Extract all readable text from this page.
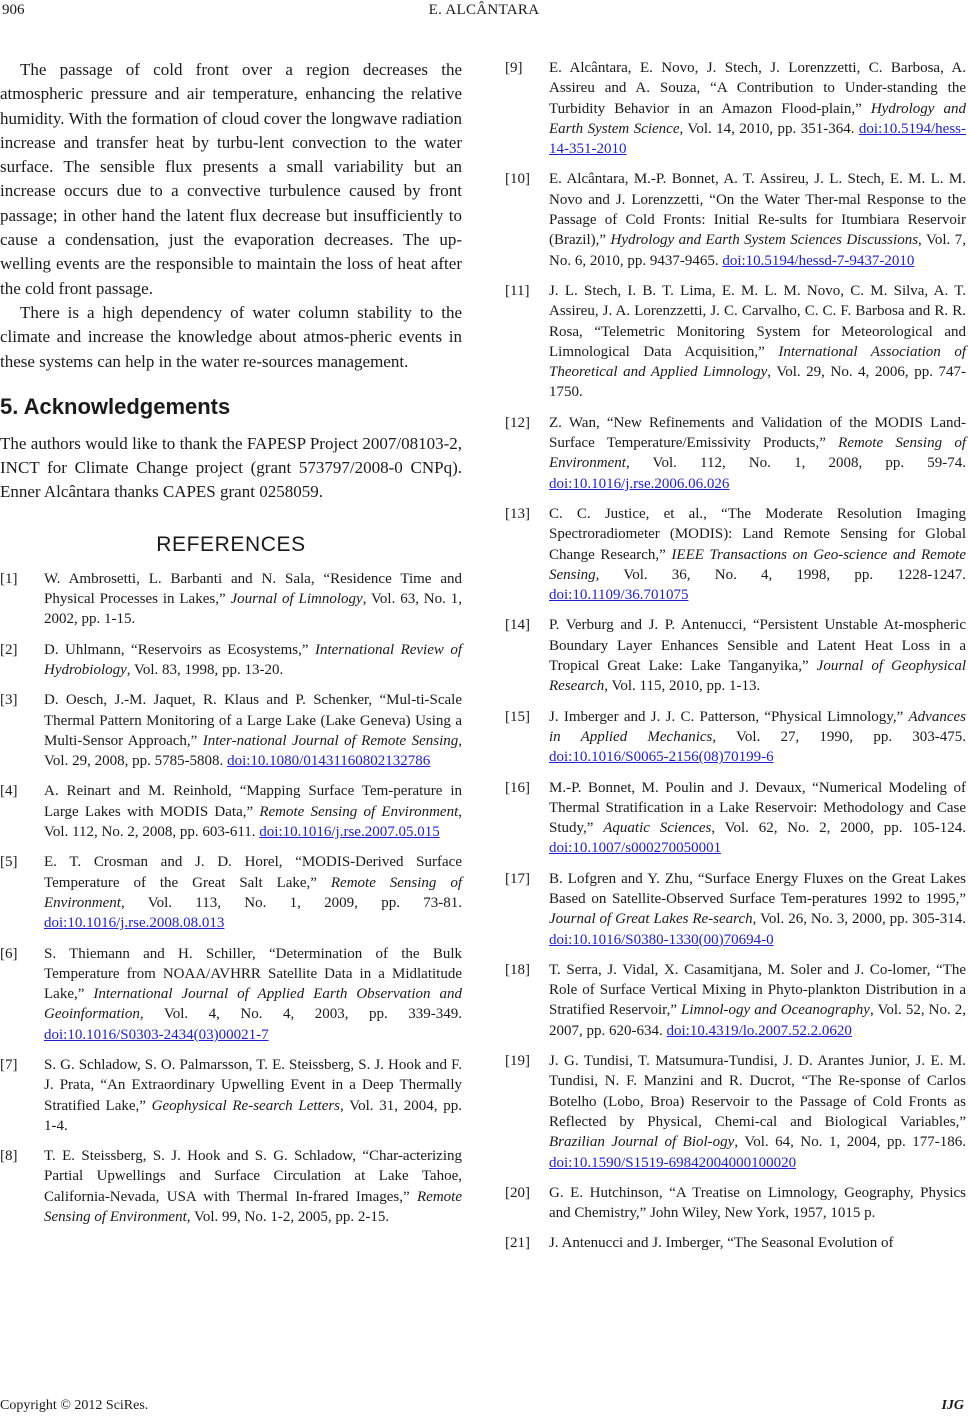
906	E. ALCÂNTARA

The passage of cold front over a region decreases the atmospheric pressure and air temperature, enhancing the relative humidity. With the formation of cloud cover the longwave radiation increase and transfer heat by turbu-lent convection to the water surface. The sensible flux presents a small variability but an increase occurs due to a convective turbulence caused by front passage; in other hand the latent flux decrease but insufficiently to cause a condensation, just the evaporation decreases. The up-welling events are the responsible to maintain the loss of heat after the cold front passage.

There is a high dependency of water column stability to the climate and increase the knowledge about atmos-pheric events in these systems can help in the water re-sources management.

5. Acknowledgements

The authors would like to thank the FAPESP Project 2007/08103-2, INCT for Climate Change project (grant 573797/2008-0 CNPq). Enner Alcântara thanks CAPES grant 0258059.

REFERENCES
[1] W. Ambrosetti, L. Barbanti and N. Sala, “Residence Time and Physical Processes in Lakes,” Journal of Limnology, Vol. 63, No. 1, 2002, pp. 1-15.
[2] D. Uhlmann, “Reservoirs as Ecosystems,” International Review of Hydrobiology, Vol. 83, 1998, pp. 13-20.
[3] D. Oesch, J.-M. Jaquet, R. Klaus and P. Schenker, “Mul-ti-Scale Thermal Pattern Monitoring of a Large Lake (Lake Geneva) Using a Multi-Sensor Approach,” Inter-national Journal of Remote Sensing, Vol. 29, 2008, pp. 5785-5808. doi:10.1080/01431160802132786
[4] A. Reinart and M. Reinhold, “Mapping Surface Tem-perature in Large Lakes with MODIS Data,” Remote Sensing of Environment, Vol. 112, No. 2, 2008, pp. 603-611. doi:10.1016/j.rse.2007.05.015
[5] E. T. Crosman and J. D. Horel, “MODIS-Derived Surface Temperature of the Great Salt Lake,” Remote Sensing of Environment, Vol. 113, No. 1, 2009, pp. 73-81. doi:10.1016/j.rse.2008.08.013
[6] S. Thiemann and H. Schiller, “Determination of the Bulk Temperature from NOAA/AVHRR Satellite Data in a Midlatitude Lake,” International Journal of Applied Earth Observation and Geoinformation, Vol. 4, No. 4, 2003, pp. 339-349. doi:10.1016/S0303-2434(03)00021-7
[7] S. G. Schladow, S. O. Palmarsson, T. E. Steissberg, S. J. Hook and F. J. Prata, “An Extraordinary Upwelling Event in a Deep Thermally Stratified Lake,” Geophysical Re-search Letters, Vol. 31, 2004, pp. 1-4.
[8] T. E. Steissberg, S. J. Hook and S. G. Schladow, “Char-acterizing Partial Upwellings and Surface Circulation at Lake Tahoe, California-Nevada, USA with Thermal In-frared Images,” Remote Sensing of Environment, Vol. 99, No. 1-2, 2005, pp. 2-15.
[9] E. Alcântara, E. Novo, J. Stech, J. Lorenzzetti, C. Barbosa, A. Assireu and A. Souza, “A Contribution to Under-standing the Turbidity Behavior in an Amazon Flood-plain,” Hydrology and Earth System Science, Vol. 14, 2010, pp. 351-364. doi:10.5194/hess-14-351-2010
[10] E. Alcântara, M.-P. Bonnet, A. T. Assireu, J. L. Stech, E. M. L. M. Novo and J. Lorenzzetti, “On the Water Ther-mal Response to the Passage of Cold Fronts: Initial Re-sults for Itumbiara Reservoir (Brazil),” Hydrology and Earth System Sciences Discussions, Vol. 7, No. 6, 2010, pp. 9437-9465. doi:10.5194/hessd-7-9437-2010
[11] J. L. Stech, I. B. T. Lima, E. M. L. M. Novo, C. M. Silva, A. T. Assireu, J. A. Lorenzzetti, J. C. Carvalho, C. C. F. Barbosa and R. R. Rosa, “Telemetric Monitoring System for Meteorological and Limnological Data Acquisition,” International Association of Theoretical and Applied Limnology, Vol. 29, No. 4, 2006, pp. 747-1750.
[12] Z. Wan, “New Refinements and Validation of the MODIS Land-Surface Temperature/Emissivity Products,” Remote Sensing of Environment, Vol. 112, No. 1, 2008, pp. 59-74. doi:10.1016/j.rse.2006.06.026
[13] C. C. Justice, et al., “The Moderate Resolution Imaging Spectroradiometer (MODIS): Land Remote Sensing for Global Change Research,” IEEE Transactions on Geo-science and Remote Sensing, Vol. 36, No. 4, 1998, pp. 1228-1247. doi:10.1109/36.701075
[14] P. Verburg and J. P. Antenucci, “Persistent Unstable At-mospheric Boundary Layer Enhances Sensible and Latent Heat Loss in a Tropical Great Lake: Lake Tanganyika,” Journal of Geophysical Research, Vol. 115, 2010, pp. 1-13.
[15] J. Imberger and J. J. C. Patterson, “Physical Limnology,” Advances in Applied Mechanics, Vol. 27, 1990, pp. 303-475. doi:10.1016/S0065-2156(08)70199-6
[16] M.-P. Bonnet, M. Poulin and J. Devaux, “Numerical Modeling of Thermal Stratification in a Lake Reservoir: Methodology and Case Study,” Aquatic Sciences, Vol. 62, No. 2, 2000, pp. 105-124. doi:10.1007/s000270050001
[17] B. Lofgren and Y. Zhu, “Surface Energy Fluxes on the Great Lakes Based on Satellite-Observed Surface Tem-peratures 1992 to 1995,” Journal of Great Lakes Re-search, Vol. 26, No. 3, 2000, pp. 305-314. doi:10.1016/S0380-1330(00)70694-0
[18] T. Serra, J. Vidal, X. Casamitjana, M. Soler and J. Co-lomer, “The Role of Surface Vertical Mixing in Phyto-plankton Distribution in a Stratified Reservoir,” Limnol-ogy and Oceanography, Vol. 52, No. 2, 2007, pp. 620-634. doi:10.4319/lo.2007.52.2.0620
[19] J. G. Tundisi, T. Matsumura-Tundisi, J. D. Arantes Junior, J. E. M. Tundisi, N. F. Manzini and R. Ducrot, “The Re-sponse of Carlos Botelho (Lobo, Broa) Reservoir to the Passage of Cold Fronts as Reflected by Physical, Chemi-cal and Biological Variables,” Brazilian Journal of Biol-ogy, Vol. 64, No. 1, 2004, pp. 177-186. doi:10.1590/S1519-69842004000100020
[20] G. E. Hutchinson, “A Treatise on Limnology, Geography, Physics and Chemistry,” John Wiley, New York, 1957, 1015 p.
[21] J. Antenucci and J. Imberger, “The Seasonal Evolution of
Copyright © 2012 SciRes.	IJG
